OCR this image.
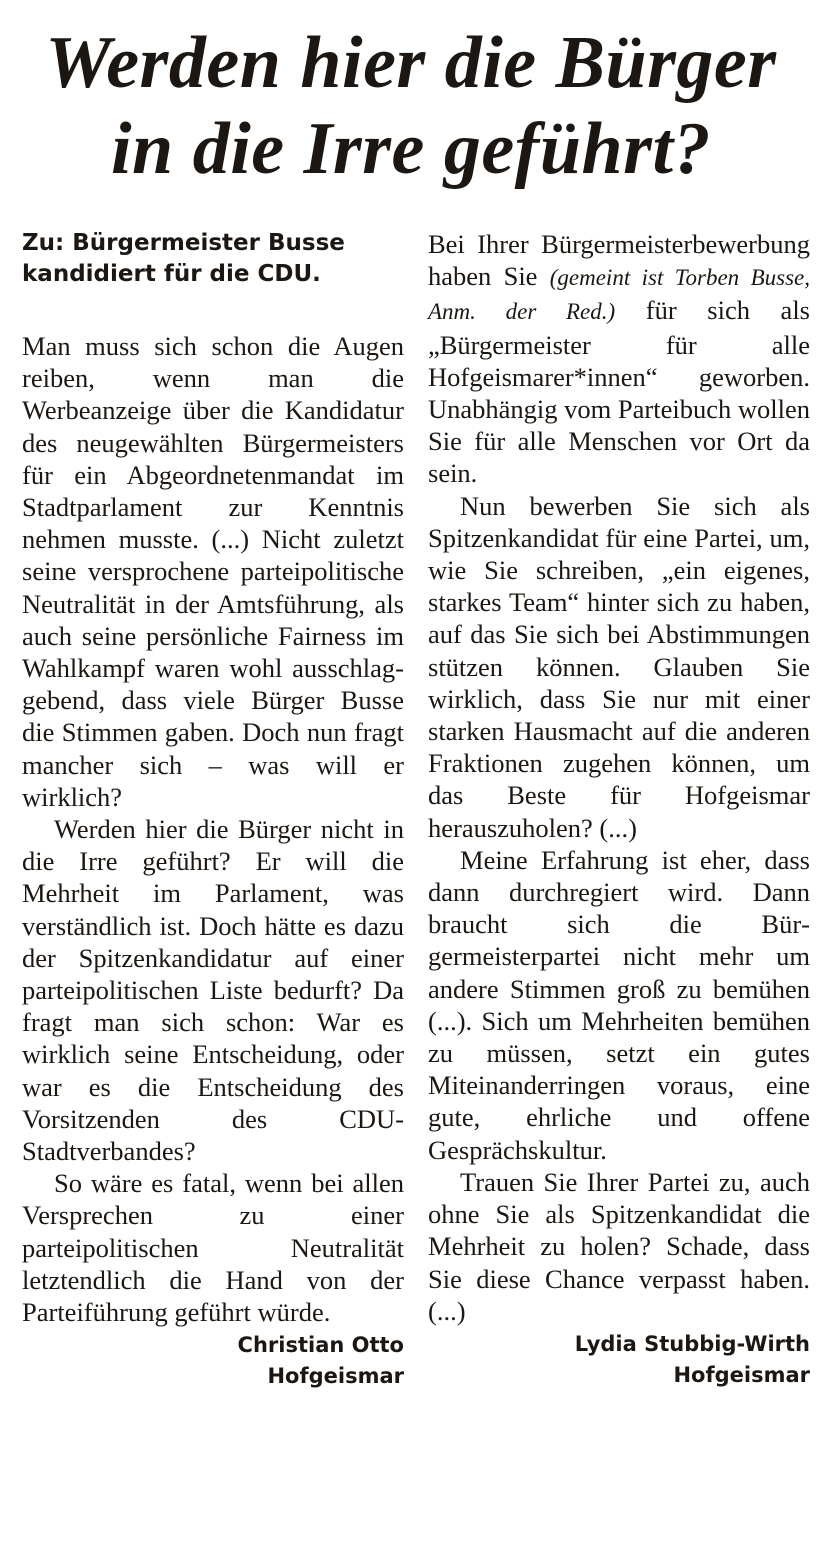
Werden hier die Bürger
in die Irre geführt?
Zu: Bürgermeister Busse
kandidiert für die CDU.

Man muss sich schon die Augen reiben, wenn man die Werbeanzeige über die Kandidatur des neugewählten Bürgermeisters für ein Abgeordnetenmandat im Stadtparlament zur Kenntnis nehmen musste. (...) Nicht zuletzt seine versprochene parteipolitische Neutralität in der Amtsführung, als auch seine persönliche Fairness im Wahlkampf waren wohl ausschlaggebend, dass viele Bürger Busse die Stimmen gaben. Doch nun fragt mancher sich – was will er wirklich?

Werden hier die Bürger nicht in die Irre geführt? Er will die Mehrheit im Parlament, was verständlich ist. Doch hätte es dazu der Spitzenkandidatur auf einer parteipolitischen Liste bedurft? Da fragt man sich schon: War es wirklich seine Entscheidung, oder war es die Entscheidung des Vorsitzenden des CDU- Stadtverbandes?

So wäre es fatal, wenn bei allen Versprechen zu einer parteipolitischen Neutralität letztendlich die Hand von der Parteiführung geführt würde.

Christian Otto
Hofgeismar

Bei Ihrer Bürgermeisterbewerbung haben Sie (gemeint ist Torben Busse, Anm. der Red.) für sich als „Bürgermeister für alle Hofgeismarer*innen“ geworben. Unabhängig vom Parteibuch wollen Sie für alle Menschen vor Ort da sein.

Nun bewerben Sie sich als Spitzenkandidat für eine Partei, um, wie Sie schreiben, „ein eigenes, starkes Team“ hinter sich zu haben, auf das Sie sich bei Abstimmungen stützen können. Glauben Sie wirklich, dass Sie nur mit einer starken Hausmacht auf die anderen Fraktionen zugehen können, um das Beste für Hofgeismar herauszuholen? (...)

Meine Erfahrung ist eher, dass dann durchregiert wird. Dann braucht sich die Bürgermeisterpartei nicht mehr um andere Stimmen groß zu bemühen (...). Sich um Mehrheiten bemühen zu müssen, setzt ein gutes Miteinanderringen voraus, eine gute, ehrliche und offene Gesprächskultur.

Trauen Sie Ihrer Partei zu, auch ohne Sie als Spitzenkandidat die Mehrheit zu holen? Schade, dass Sie diese Chance verpasst haben. (...)

Lydia Stubbig-Wirth
Hofgeismar
